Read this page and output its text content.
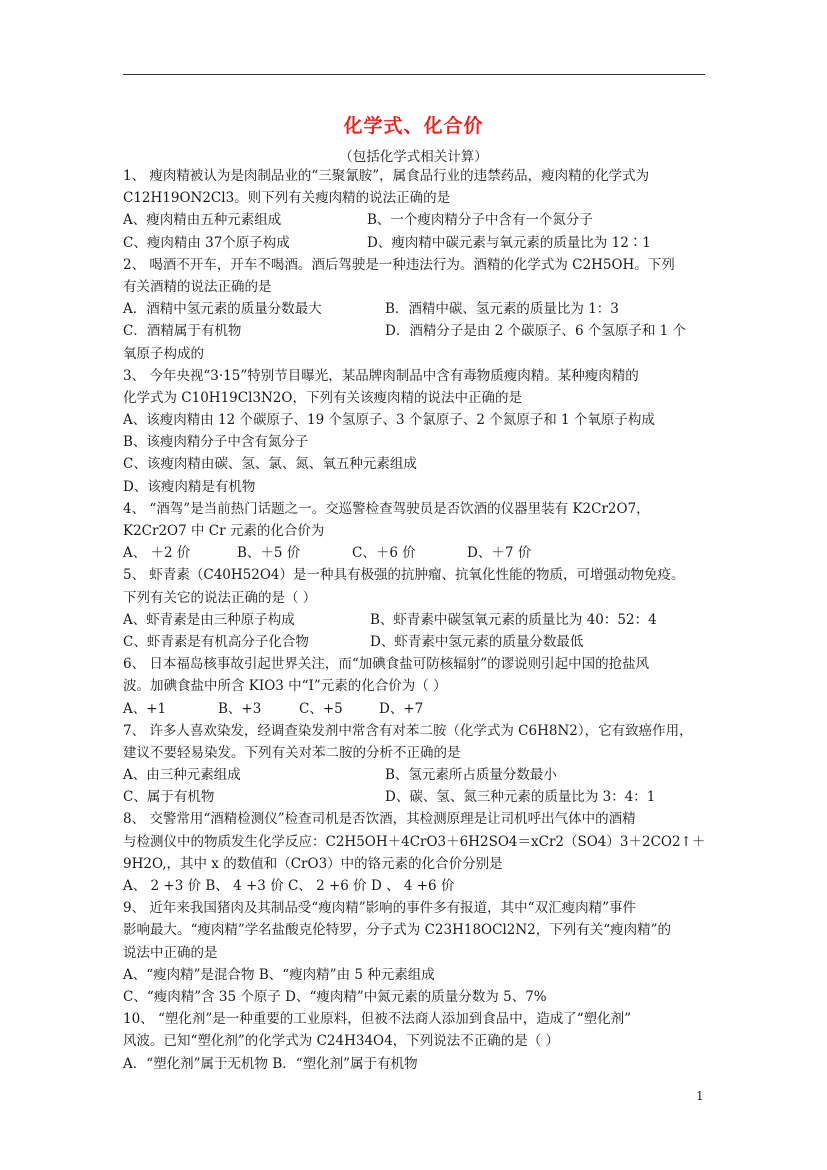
化学式、化合价
（包括化学式相关计算）
1、 瘦肉精被认为是肉制品业的“三聚氰胺”，属食品行业的违禁药品，瘦肉精的化学式为
C12H19ON2Cl3。则下列有关瘦肉精的说法正确的是
A、瘦肉精由五种元素组成	B、一个瘦肉精分子中含有一个氮分子
C、瘦肉精由 37个原子构成	D、瘦肉精中碳元素与氧元素的质量比为 12∶1
2、 喝酒不开车，开车不喝酒。酒后驾驶是一种违法行为。酒精的化学式为 C2H5OH。下列
有关酒精的说法正确的是
A．酒精中氢元素的质量分数最大	B．酒精中碳、氢元素的质量比为 1：3
C．酒精属于有机物	D．酒精分子是由 2 个碳原子、6 个氢原子和 1 个
氧原子构成的
3、 今年央视“3·15”特别节目曝光，某品牌肉制品中含有毒物质瘦肉精。某种瘦肉精的
化学式为 C10H19Cl3N2O，下列有关该瘦肉精的说法中正确的是
A、该瘦肉精由 12 个碳原子、19 个氢原子、3 个氯原子、2 个氮原子和 1 个氧原子构成
B、该瘦肉精分子中含有氮分子
C、该瘦肉精由碳、氢、氯、氮、氧五种元素组成
D、该瘦肉精是有机物
4、 “酒驾”是当前热门话题之一。交巡警检查驾驶员是否饮酒的仪器里装有 K2Cr2O7，
K2Cr2O7 中 Cr 元素的化合价为
A、 ＋2 价	B、＋5 价	C、＋6 价	D、＋7 价
5、 虾青素（C40H52O4）是一种具有极强的抗肿瘤、抗氧化性能的物质，可增强动物免疫。
下列有关它的说法正确的是（ ）
A、虾青素是由三种原子构成	B、虾青素中碳氢氧元素的质量比为 40：52：4
C、虾青素是有机高分子化合物	D、虾青素中氢元素的质量分数最低
6、 日本福岛核事故引起世界关注，而“加碘食盐可防核辐射”的谬说则引起中国的抢盐风
波。加碘食盐中所含 KIO3 中“I”元素的化合价为（ ）
A、+1	B、+3	C、+5	D、+7
7、 许多人喜欢染发，经调查染发剂中常含有对苯二胺（化学式为 C6H8N2），它有致癌作用，
建议不要轻易染发。下列有关对苯二胺的分析不正确的是
A、由三种元素组成	B、氢元素所占质量分数最小
C、属于有机物	D、碳、氢、氮三种元素的质量比为 3：4：1
8、 交警常用“酒精检测仪”检查司机是否饮酒，其检测原理是让司机呼出气体中的酒精
与检测仪中的物质发生化学反应：C2H5OH＋4CrO3＋6H2SO4＝xCr2（SO4）3＋2CO2↑＋
9H2O,，其中 x 的数值和（CrO3）中的铬元素的化合价分别是
A、 2 +3 价 B、 4 +3 价 C、 2 +6 价 D 、 4 +6 价
9、 近年来我国猪肉及其制品受“瘦肉精”影响的事件多有报道，其中“双汇瘦肉精”事件
影响最大。“瘦肉精”学名盐酸克伦特罗，分子式为 C23H18OCl2N2，下列有关“瘦肉精”的
说法中正确的是
A、“瘦肉精”是混合物 B、“瘦肉精”由 5 种元素组成
C、“瘦肉精”含 35 个原子 D、“瘦肉精”中氮元素的质量分数为 5、7%
10、 “塑化剂”是一种重要的工业原料，但被不法商人添加到食品中，造成了“塑化剂”
风波。已知“塑化剂”的化学式为 C24H34O4，下列说法不正确的是（ ）
A．“塑化剂”属于无机物 B．“塑化剂”属于有机物
1
